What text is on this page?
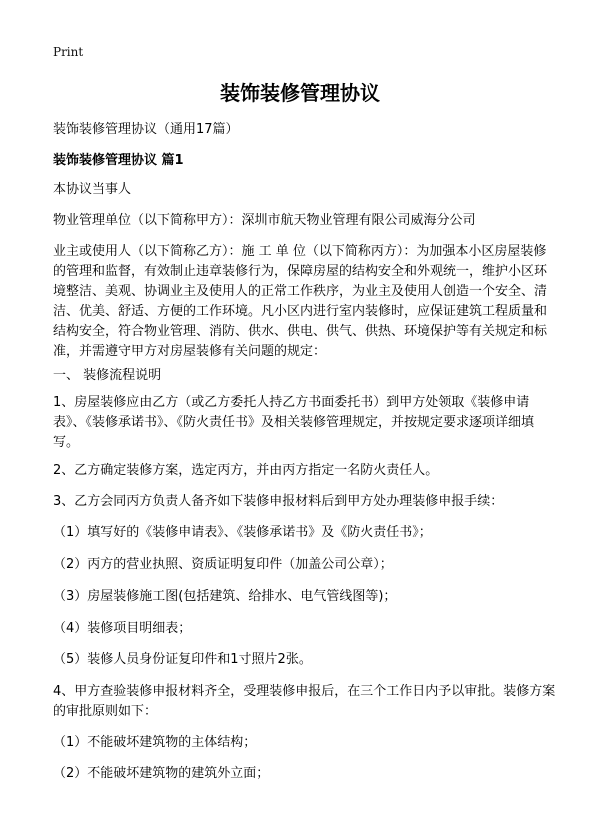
Print
装饰装修管理协议

装饰装修管理协议（通用17篇）

装饰装修管理协议 篇1

本协议当事人

物业管理单位（以下简称甲方）：深圳市航天物业管理有限公司威海分公司

业主或使用人（以下简称乙方）：施 工 单 位（以下简称丙方）：为加强本小区房屋装修的管理和监督，有效制止违章装修行为，保障房屋的结构安全和外观统一，维护小区环境整洁、美观、协调业主及使用人的正常工作秩序，为业主及使用人创造一个安全、清洁、优美、舒适、方便的工作环境。凡小区内进行室内装修时，应保证建筑工程质量和结构安全，符合物业管理、消防、供水、供电、供气、供热、环境保护等有关规定和标准，并需遵守甲方对房屋装修有关问题的规定：

一、 装修流程说明

1、房屋装修应由乙方（或乙方委托人持乙方书面委托书）到甲方处领取《装修申请表》、《装修承诺书》、《防火责任书》及相关装修管理规定，并按规定要求逐项详细填写。

2、乙方确定装修方案，选定丙方，并由丙方指定一名防火责任人。

3、乙方会同丙方负责人备齐如下装修申报材料后到甲方处办理装修申报手续：

（1）填写好的《装修申请表》、《装修承诺书》及《防火责任书》；

（2）丙方的营业执照、资质证明复印件（加盖公司公章）；

（3）房屋装修施工图(包括建筑、给排水、电气管线图等)；

（4）装修项目明细表；

（5）装修人员身份证复印件和1寸照片2张。

4、甲方查验装修申报材料齐全，受理装修申报后，在三个工作日内予以审批。装修方案的审批原则如下：

（1）不能破坏建筑物的主体结构；

（2）不能破坏建筑物的建筑外立面；
